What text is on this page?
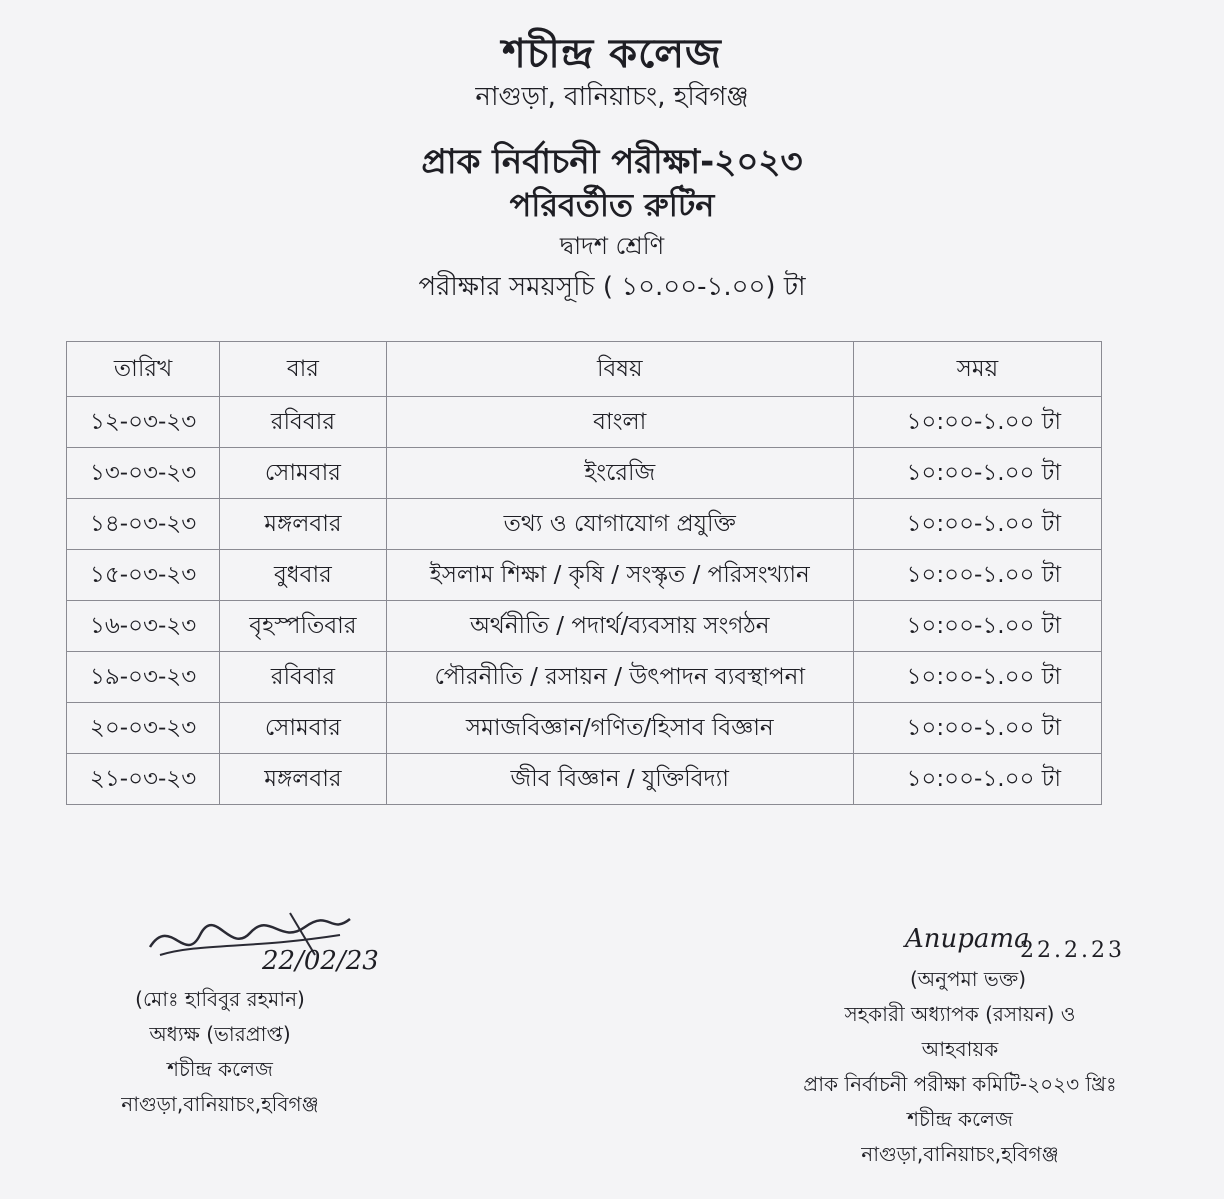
শচীন্দ্র কলেজ
নাগুড়া, বানিয়াচং, হবিগঞ্জ
প্রাক নির্বাচনী পরীক্ষা-২০২৩
পরিবর্তীত রুটিন
দ্বাদশ শ্রেণি
পরীক্ষার সময়সূচি ( ১০.০০-১.০০) টা
তারিখ	বার	বিষয়	সময়
১২-০৩-২৩	রবিবার	বাংলা	১০:০০-১.০০ টা
১৩-০৩-২৩	সোমবার	ইংরেজি	১০:০০-১.০০ টা
১৪-০৩-২৩	মঙ্গলবার	তথ্য ও যোগাযোগ প্রযুক্তি	১০:০০-১.০০ টা
১৫-০৩-২৩	বুধবার	ইসলাম শিক্ষা / কৃষি / সংস্কৃত / পরিসংখ্যান	১০:০০-১.০০ টা
১৬-০৩-২৩	বৃহস্পতিবার	অর্থনীতি / পদার্থ/ব্যবসায় সংগঠন	১০:০০-১.০০ টা
১৯-০৩-২৩	রবিবার	পৌরনীতি / রসায়ন / উৎপাদন ব্যবস্থাপনা	১০:০০-১.০০ টা
২০-০৩-২৩	সোমবার	সমাজবিজ্ঞান/গণিত/হিসাব বিজ্ঞান	১০:০০-১.০০ টা
২১-০৩-২৩	মঙ্গলবার	জীব বিজ্ঞান / যুক্তিবিদ্যা	১০:০০-১.০০ টা
22/02/23
(মোঃ হাবিবুর রহমান)
অধ্যক্ষ (ভারপ্রাপ্ত)
শচীন্দ্র কলেজ
নাগুড়া,বানিয়াচং,হবিগঞ্জ
Anupama
22.2.23
(অনুপমা ভক্ত)
সহকারী অধ্যাপক (রসায়ন) ও
আহবায়ক
প্রাক নির্বাচনী পরীক্ষা কমিটি-২০২৩ খ্রিঃ
শচীন্দ্র কলেজ
নাগুড়া,বানিয়াচং,হবিগঞ্জ
